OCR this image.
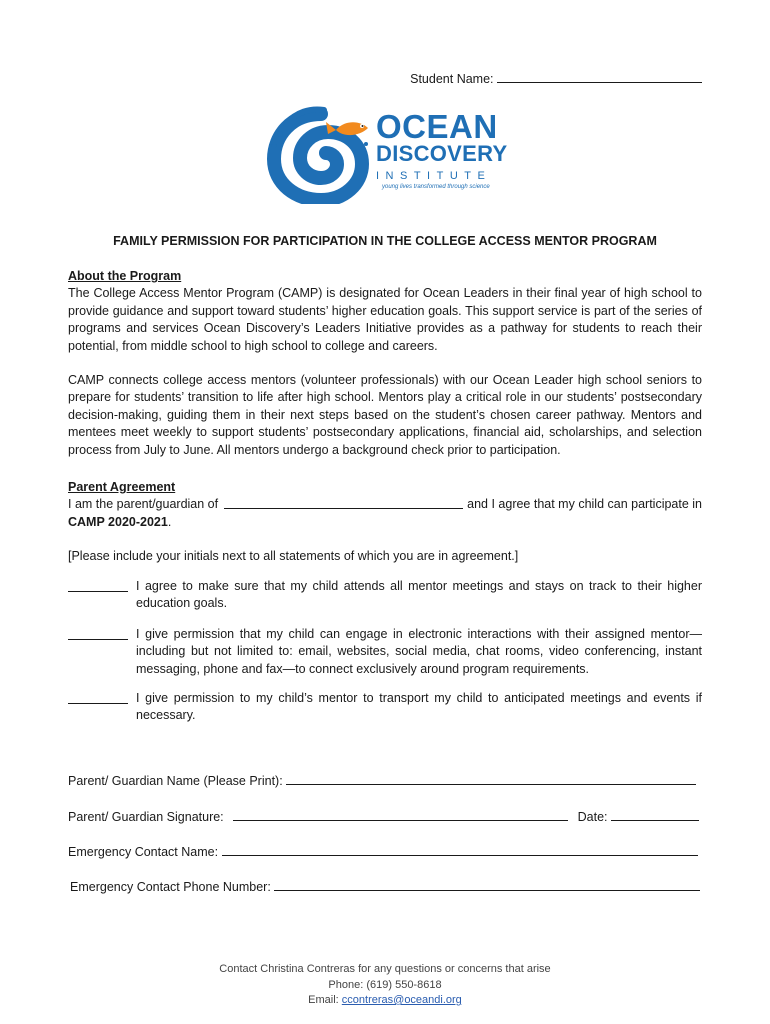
Student Name:
OCEAN
DISCOVERY
INSTITUTE
young lives transformed through science
FAMILY PERMISSION FOR PARTICIPATION IN THE COLLEGE ACCESS MENTOR PROGRAM
About the Program

The College Access Mentor Program (CAMP) is designated for Ocean Leaders in their final year of high school to provide guidance and support toward students’ higher education goals. This support service is part of the series of programs and services Ocean Discovery’s Leaders Initiative provides as a pathway for students to reach their potential, from middle school to high school to college and careers.

CAMP connects college access mentors (volunteer professionals) with our Ocean Leader high school seniors to prepare for students’ transition to life after high school. Mentors play a critical role in our students’ postsecondary decision-making, guiding them in their next steps based on the student’s chosen career pathway. Mentors and mentees meet weekly to support students’ postsecondary applications, financial aid, scholarships, and selection process from July to June. All mentors undergo a background check prior to participation.

Parent Agreement
I am the parent/guardian of	and I agree that my child can participate in
CAMP 2020-2021.
[Please include your initials next to all statements of which you are in agreement.]
I agree to make sure that my child attends all mentor meetings and stays on track to their higher education goals.
I give permission that my child can engage in electronic interactions with their assigned mentor—including but not limited to: email, websites, social media, chat rooms, video conferencing, instant messaging, phone and fax—to connect exclusively around program requirements.
I give permission to my child’s mentor to transport my child to anticipated meetings and events if necessary.
Parent/ Guardian Name (Please Print):
Parent/ Guardian Signature:	Date:
Emergency Contact Name:
Emergency Contact Phone Number:
Contact Christina Contreras for any questions or concerns that arise
Phone: (619) 550-8618
Email: ccontreras@oceandi.org
